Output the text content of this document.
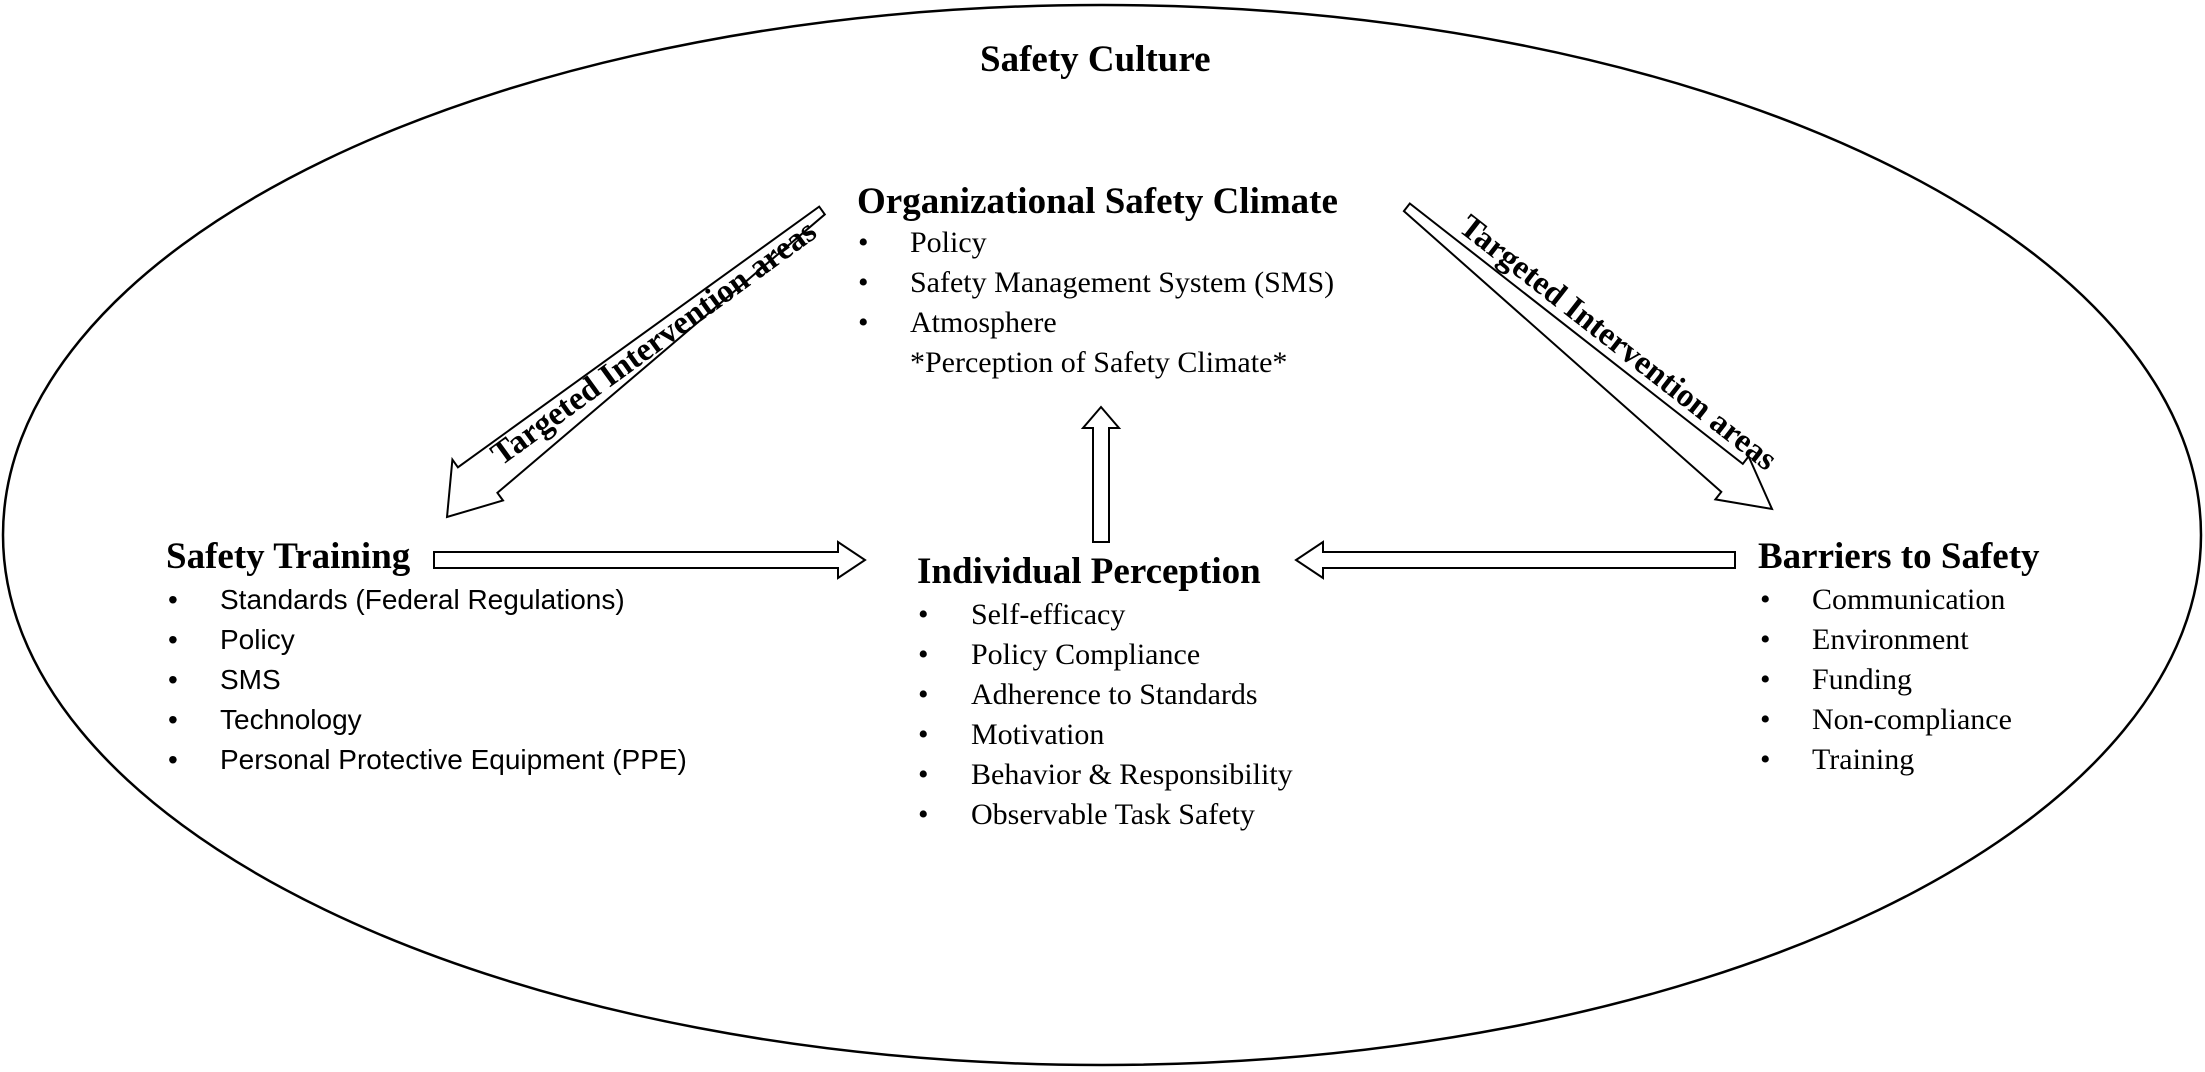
Safety Culture
Organizational Safety Climate
• Policy
• Safety Management System (SMS)
• Atmosphere
*Perception of Safety Climate*
Safety Training
• Standards (Federal Regulations)
• Policy
• SMS
• Technology
• Personal Protective Equipment (PPE)
Individual Perception
• Self-efficacy
• Policy Compliance
• Adherence to Standards
• Motivation
• Behavior & Responsibility
• Observable Task Safety
Barriers to Safety
• Communication
• Environment
• Funding
• Non-compliance
• Training
Targeted Intervention areas	Targeted Intervention areas
